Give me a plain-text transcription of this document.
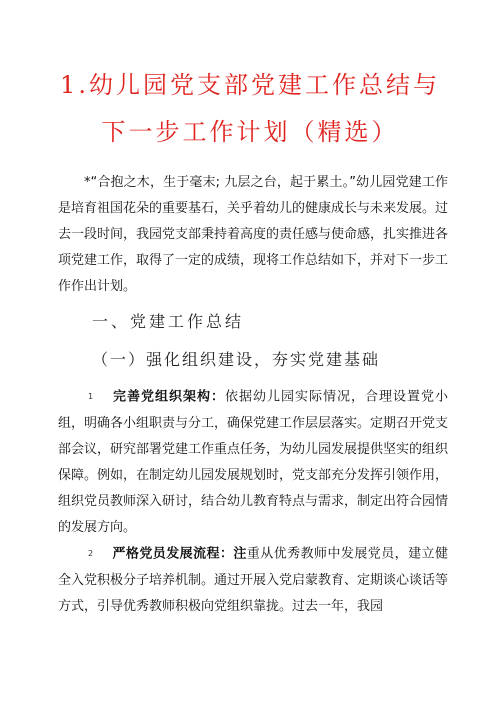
1.幼儿园党支部党建工作总结与
下一步工作计划（精选）
*“合抱之木，生于毫末; 九层之台，起于累土。”幼儿园党建工作是培育祖国花朵的重要基石，关乎着幼儿的健康成长与未来发展。过去一段时间，我园党支部秉持着高度的责任感与使命感，扎实推进各项党建工作，取得了一定的成绩，现将工作总结如下，并对下一步工作作出计划。
一、党建工作总结
（一）强化组织建设，夯实党建基础
1 完善党组织架构：依据幼儿园实际情况，合理设置党小组，明确各小组职责与分工，确保党建工作层层落实。定期召开党支部会议，研究部署党建工作重点任务，为幼儿园发展提供坚实的组织保障。例如，在制定幼儿园发展规划时，党支部充分发挥引领作用，组织党员教师深入研讨，结合幼儿教育特点与需求，制定出符合园情的发展方向。
2 严格党员发展流程：注重从优秀教师中发展党员，建立健全入党积极分子培养机制。通过开展入党启蒙教育、定期谈心谈话等方式，引导优秀教师积极向党组织靠拢。过去一年，我园
